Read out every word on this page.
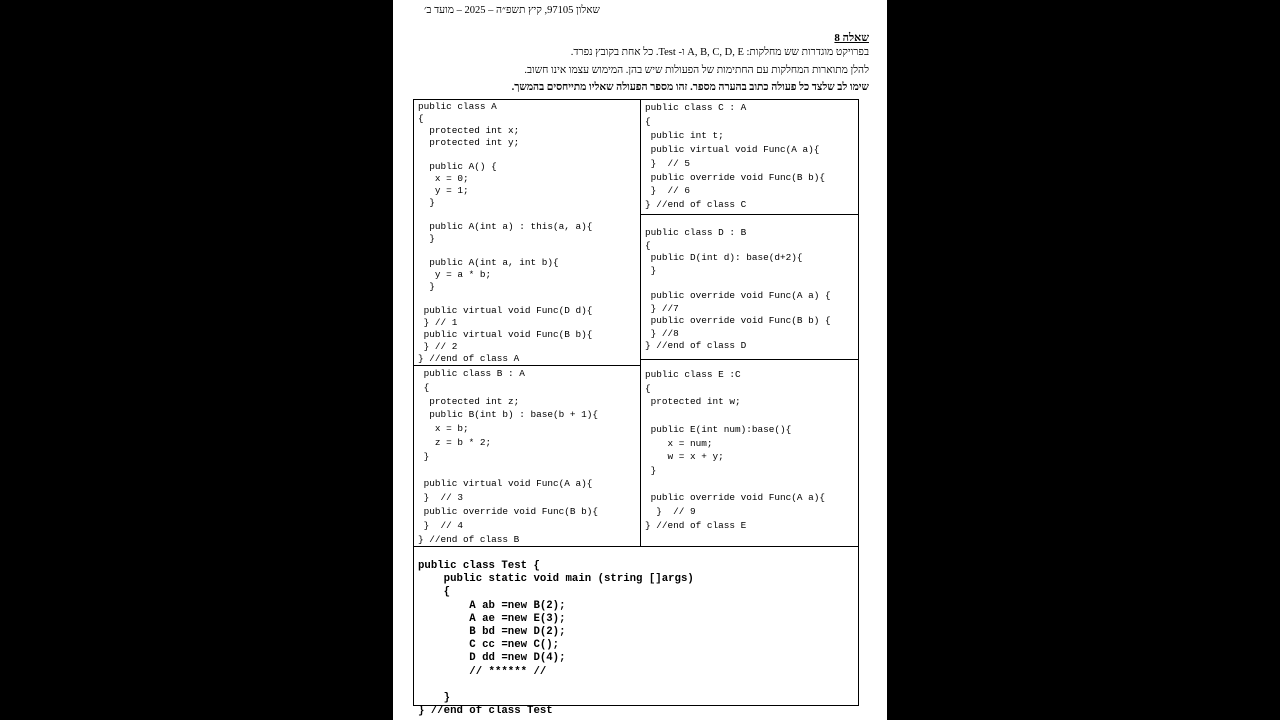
שאלון 97105, קיץ תשפ״ה – 2025 – מועד ב׳
שאלה 8
בפרויקט מוגדרות שש מחלקות: A, B, C, D, E ו- Test. כל אחת בקובץ נפרד.
להלן מתוארות המחלקות עם החתימות של הפעולות שיש בהן. המימוש עצמו אינו חשוב.
שימו לב שלצד כל פעולה כתוב בהערה מספר. זהו מספר הפעולה שאליו מתייחסים בהמשך.
public class A
{
protected int x;
protected int y;

public A() {
x = 0;
y = 1;
}

public A(int a) : this(a, a){
}

public A(int a, int b){
y = a * b;
}

public virtual void Func(D d){
} // 1
public virtual void Func(B b){
} // 2
} //end of class A
public class B : A
{
protected int z;
public B(int b) : base(b + 1){
x = b;
z = b * 2;
}

public virtual void Func(A a){
}  // 3
public override void Func(B b){
}  // 4
} //end of class B
public class C : A
{
public int t;
public virtual void Func(A a){
}  // 5
public override void Func(B b){
}  // 6
} //end of class C
public class D : B
{
public D(int d): base(d+2){
}

public override void Func(A a) {
} //7
public override void Func(B b) {
} //8
} //end of class D
public class E :C
{
protected int w;

public E(int num):base(){
x = num;
w = x + y;
}

public override void Func(A a){
}  // 9
} //end of class E
public class Test {
public static void main (string []args)
{
A ab =new B(2);
A ae =new E(3);
B bd =new D(2);
C cc =new C();
D dd =new D(4);
// ****** //

}
} //end of class Test
